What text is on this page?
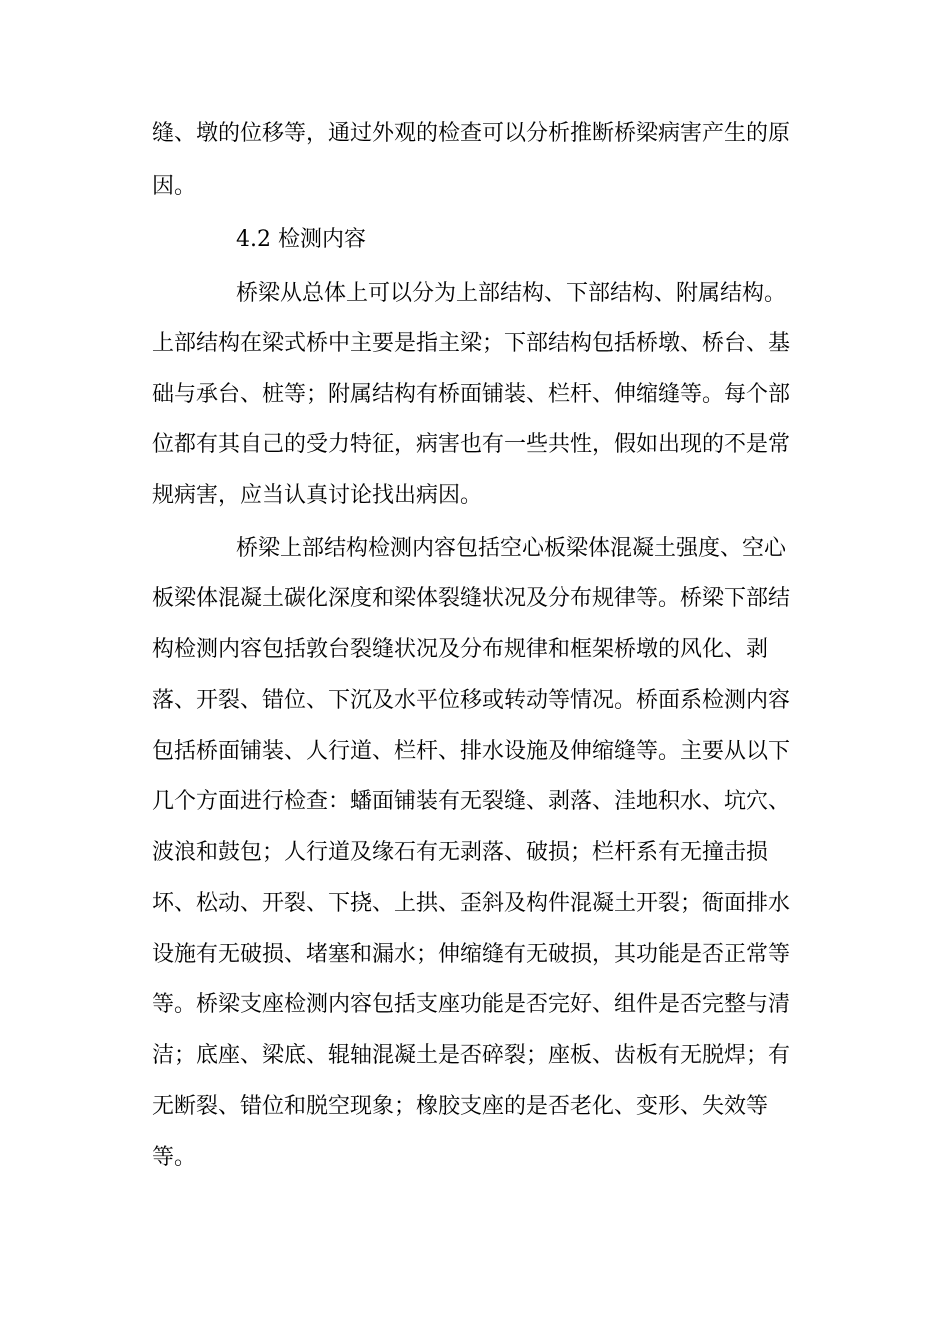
缝、墩的位移等，通过外观的检查可以分析推断桥梁病害产生的原
因。
4.2 检测内容
桥梁从总体上可以分为上部结构、下部结构、附属结构。
上部结构在梁式桥中主要是指主梁；下部结构包括桥墩、桥台、基
础与承台、桩等；附属结构有桥面铺装、栏杆、伸缩缝等。每个部
位都有其自己的受力特征，病害也有一些共性，假如出现的不是常
规病害，应当认真讨论找出病因。
桥梁上部结构检测内容包括空心板梁体混凝土强度、空心
板梁体混凝土碳化深度和梁体裂缝状况及分布规律等。桥梁下部结
构检测内容包括敦台裂缝状况及分布规律和框架桥墩的风化、剥
落、开裂、错位、下沉及水平位移或转动等情况。桥面系检测内容
包括桥面铺装、人行道、栏杆、排水设施及伸缩缝等。主要从以下
几个方面进行检查：蟠面铺装有无裂缝、剥落、洼地积水、坑穴、
波浪和鼓包；人行道及缘石有无剥落、破损；栏杆系有无撞击损
坏、松动、开裂、下挠、上拱、歪斜及构件混凝土开裂；衙面排水
设施有无破损、堵塞和漏水；伸缩缝有无破损，其功能是否正常等
等。桥梁支座检测内容包括支座功能是否完好、组件是否完整与清
洁；底座、梁底、辊轴混凝土是否碎裂；座板、齿板有无脱焊；有
无断裂、错位和脱空现象；橡胶支座的是否老化、变形、失效等
等。
